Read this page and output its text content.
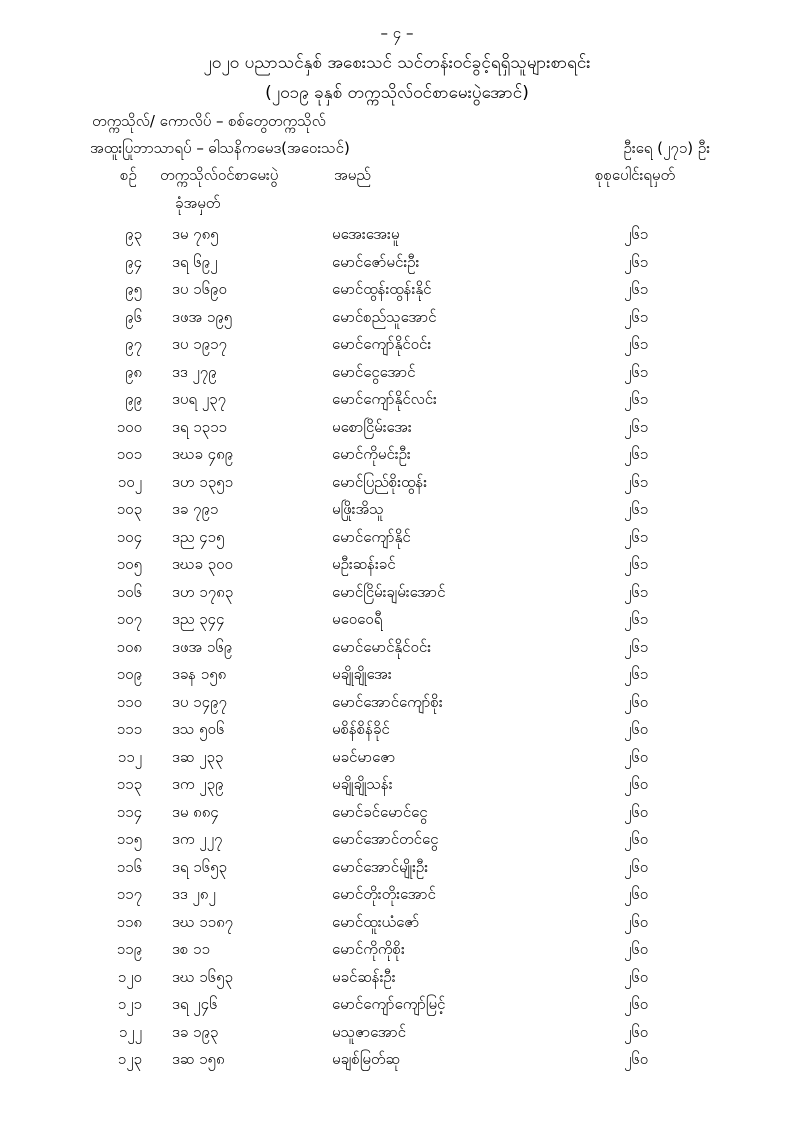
– ၄ –
၂၀၂၀ ပညာသင်နှစ် အစေးသင် သင်တန်းဝင်ခွင့်ရရှိသူများစာရင်း
(၂၀၁၉ ခုနှစ် တက္ကသိုလ်ဝင်စာမေးပွဲအောင်)
တက္ကသိုလ်/ ကောလိပ် – စစ်တွေတက္ကသိုလ်
အထူးပြုဘာသာရပ် – ဓါသနိကမေဒ(အဝေးသင်)	ဦးရေ (၂၇၁) ဦး
စဉ် တက္ကသိုလ်ဝင်စာမေးပွဲ
ခုံအမှတ်
အမည်	စုစုပေါင်းရမှတ်
၉၃ ဒမ ၇၈၅	မအေးအေးမူ	၂၆၁
၉၄ ဒရ ၆၉၂	မောင်ဇော်မင်းဦး	၂၆၁
၉၅ ဒပ ၁၆၉၀	မောင်ထွန်းထွန်းနိုင်	၂၆၁
၉၆ ဒဖအ ၁၉၅	မောင်စည်သူအောင်	၂၆၁
၉၇ ဒပ ၁၉၁၇	မောင်ကျော်နိုင်ဝင်း	၂၆၁
၉၈ ဒဒ ၂၇၉	မောင်ငွေအောင်	၂၆၁
၉၉ ဒပရ ၂၃၇	မောင်ကျော်နိုင်လင်း	၂၆၁
၁၀၀ ဒရ ၁၃၁၁	မစောငြိမ်းအေး	၂၆၁
၁၀၁ ဒဃခ ၄၈၉	မောင်ကိုမင်းဦး	၂၆၁
၁၀၂ ဒဟ ၁၃၅၁	မောင်ပြည်စိုးထွန်း	၂၆၁
၁၀၃ ဒခ ၇၉၁	မဖြိုးအိသူ	၂၆၁
၁၀၄ ဒည ၄၁၅	မောင်ကျော်နိုင်	၂၆၁
၁၀၅ ဒဃခ ၃၀၀	မဦးဆန်းခင်	၂၆၁
၁၀၆ ဒဟ ၁၇၈၃	မောင်ငြိမ်းချမ်းအောင်	၂၆၁
၁၀၇ ဒည ၃၄၄	မဝေဝေရီ	၂၆၁
၁၀၈ ဒဖအ ၁၆၉	မောင်မောင်နိုင်ဝင်း	၂၆၁
၁၀၉ ဒခန ၁၅၈	မချိုချိုအေး	၂၆၁
၁၁၀ ဒပ ၁၄၉၇	မောင်အောင်ကျော်စိုး	၂၆၀
၁၁၁ ဒသ ၅၀၆	မစိန်စိန်ခိုင်	၂၆၀
၁၁၂ ဒဆ ၂၃၃	မခင်မာဇော	၂၆၀
၁၁၃ ဒက ၂၃၉	မချိုချိုသန်း	၂၆၀
၁၁၄ ဒမ ၈၈၄	မောင်ခင်မောင်ငွေ	၂၆၀
၁၁၅ ဒက ၂၂၇	မောင်အောင်တင်ငွေ	၂၆၀
၁၁၆ ဒရ ၁၆၅၃	မောင်အောင်မျိုးဦး	၂၆၀
၁၁၇ ဒဒ ၂၈၂	မောင်တိုးတိုးအောင်	၂၆၀
၁၁၈ ဒဃ ၁၁၈၇	မောင်ထူးယံဇော်	၂၆၀
၁၁၉ ဒစ ၁၁	မောင်ကိုကိုစိုး	၂၆၀
၁၂၀ ဒဃ ၁၆၅၃	မခင်ဆန်းဦး	၂၆၀
၁၂၁ ဒရ ၂၄၆	မောင်ကျော်ကျော်မြင့်	၂၆၀
၁၂၂ ဒခ ၁၉၃	မသူဇာအောင်	၂၆၀
၁၂၃ ဒဆ ၁၅၈	မချစ်မြတ်ဆု	၂၆၀
